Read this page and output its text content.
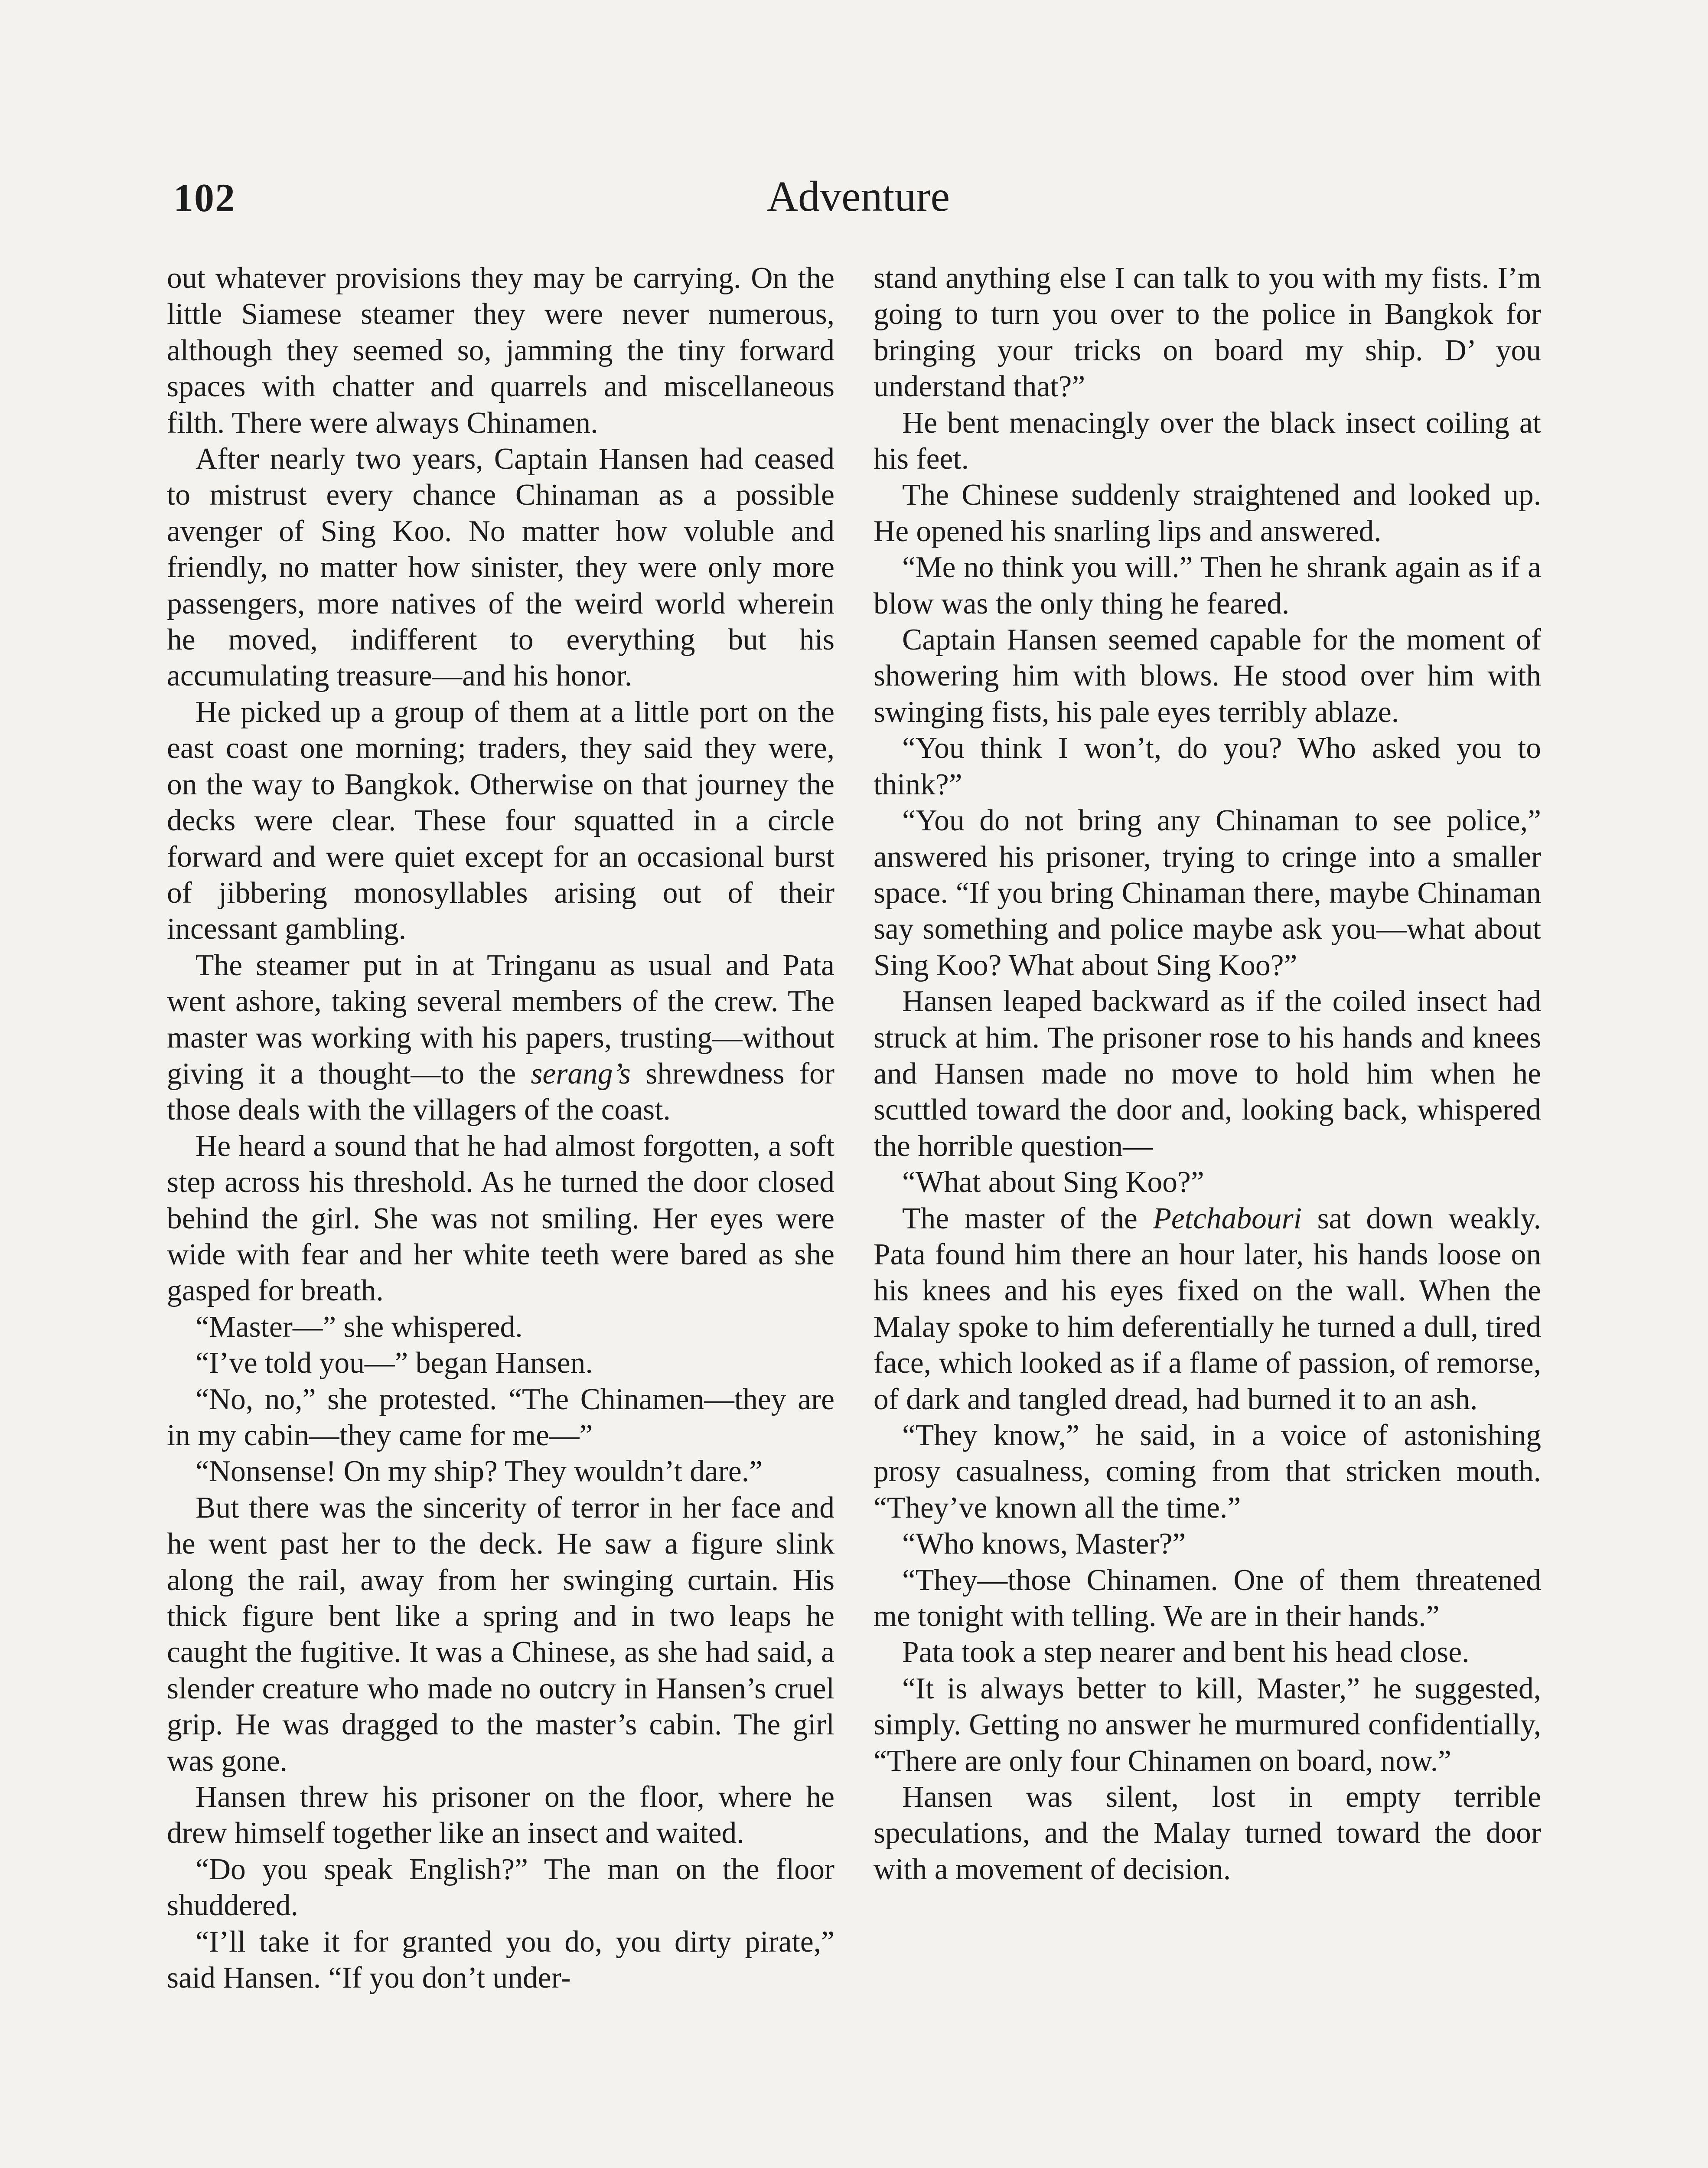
102	Adventure

out whatever provisions they may be carrying. On the little Siamese steamer they were never numerous, although they seemed so, jamming the tiny forward spaces with chatter and quarrels and miscellaneous filth. There were always Chinamen.

After nearly two years, Captain Hansen had ceased to mistrust every chance Chinaman as a possible avenger of Sing Koo. No matter how voluble and friendly, no matter how sinister, they were only more passengers, more natives of the weird world wherein he moved, indifferent to everything but his accumulating treasure—and his honor.

He picked up a group of them at a little port on the east coast one morning; traders, they said they were, on the way to Bangkok. Otherwise on that journey the decks were clear. These four squatted in a circle forward and were quiet except for an occasional burst of jibbering monosyllables arising out of their incessant gambling.

The steamer put in at Tringanu as usual and Pata went ashore, taking several members of the crew. The master was working with his papers, trusting—without giving it a thought—to the serang’s shrewdness for those deals with the villagers of the coast.

He heard a sound that he had almost forgotten, a soft step across his threshold. As he turned the door closed behind the girl. She was not smiling. Her eyes were wide with fear and her white teeth were bared as she gasped for breath.

“Master—” she whispered.

“I’ve told you—” began Hansen.

“No, no,” she protested. “The Chinamen—they are in my cabin—they came for me—”

“Nonsense! On my ship? They wouldn’t dare.”

But there was the sincerity of terror in her face and he went past her to the deck. He saw a figure slink along the rail, away from her swinging curtain. His thick figure bent like a spring and in two leaps he caught the fugitive. It was a Chinese, as she had said, a slender creature who made no outcry in Hansen’s cruel grip. He was dragged to the master’s cabin. The girl was gone.

Hansen threw his prisoner on the floor, where he drew himself together like an insect and waited.

“Do you speak English?” The man on the floor shuddered.

“I’ll take it for granted you do, you dirty pirate,” said Hansen. “If you don’t under-

stand anything else I can talk to you with my fists. I’m going to turn you over to the police in Bangkok for bringing your tricks on board my ship. D’ you understand that?”

He bent menacingly over the black insect coiling at his feet.

The Chinese suddenly straightened and looked up. He opened his snarling lips and answered.

“Me no think you will.” Then he shrank again as if a blow was the only thing he feared.

Captain Hansen seemed capable for the moment of showering him with blows. He stood over him with swinging fists, his pale eyes terribly ablaze.

“You think I won’t, do you? Who asked you to think?”

“You do not bring any Chinaman to see police,” answered his prisoner, trying to cringe into a smaller space. “If you bring Chinaman there, maybe Chinaman say something and police maybe ask you—what about Sing Koo? What about Sing Koo?”

Hansen leaped backward as if the coiled insect had struck at him. The prisoner rose to his hands and knees and Hansen made no move to hold him when he scuttled toward the door and, looking back, whispered the horrible question—

“What about Sing Koo?”

The master of the Petchabouri sat down weakly. Pata found him there an hour later, his hands loose on his knees and his eyes fixed on the wall. When the Malay spoke to him deferentially he turned a dull, tired face, which looked as if a flame of passion, of remorse, of dark and tangled dread, had burned it to an ash.

“They know,” he said, in a voice of astonishing prosy casualness, coming from that stricken mouth. “They’ve known all the time.”

“Who knows, Master?”

“They—those Chinamen. One of them threatened me tonight with telling. We are in their hands.”

Pata took a step nearer and bent his head close.

“It is always better to kill, Master,” he suggested, simply. Getting no answer he murmured confidentially, “There are only four Chinamen on board, now.”

Hansen was silent, lost in empty terrible speculations, and the Malay turned toward the door with a movement of decision.
